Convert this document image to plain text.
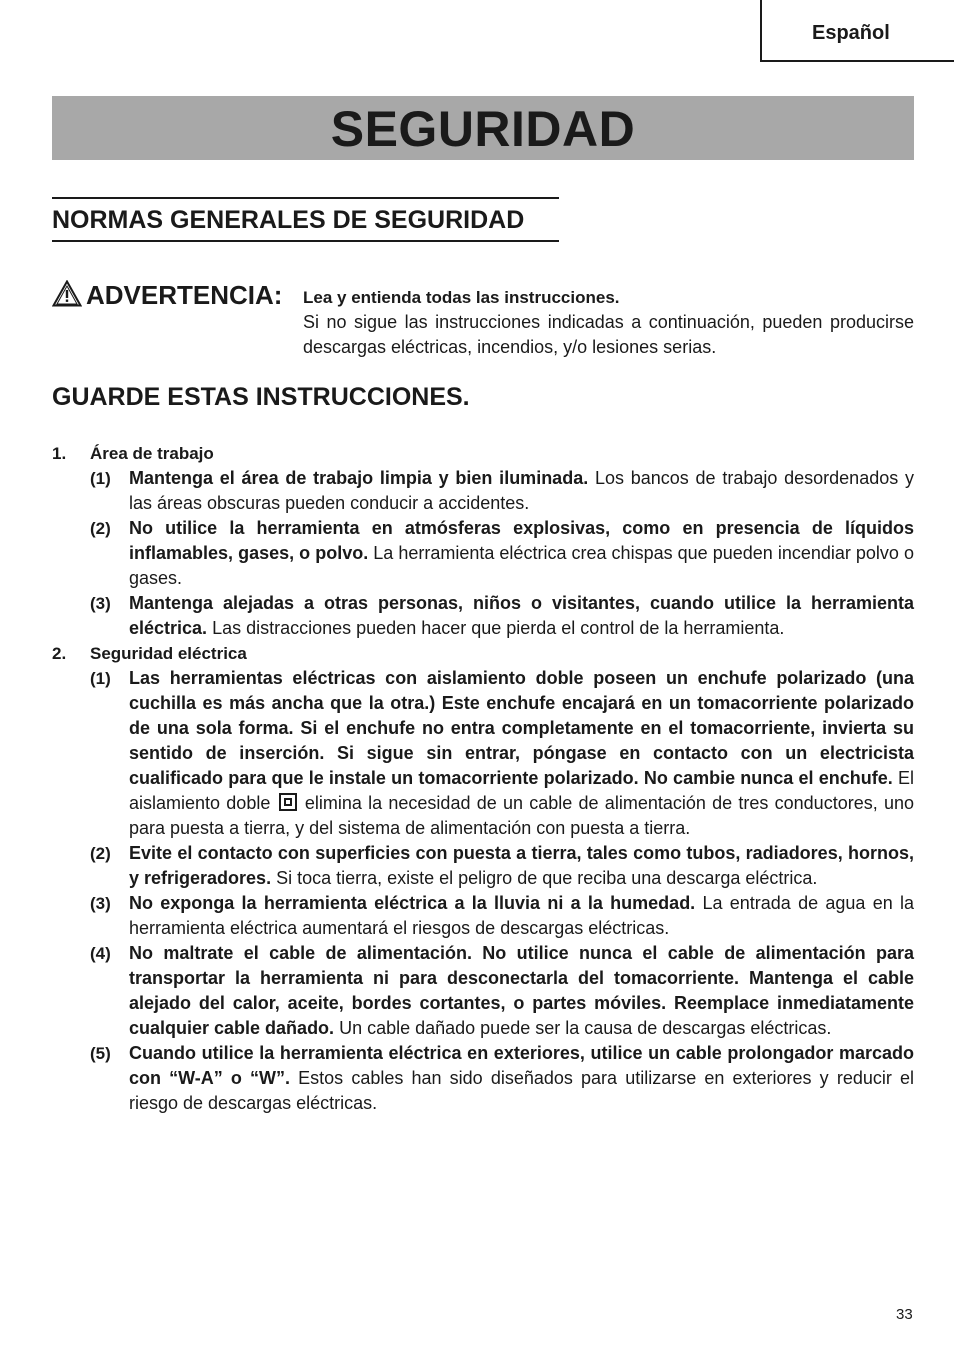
Español
SEGURIDAD
NORMAS GENERALES DE SEGURIDAD
ADVERTENCIA: Lea y entienda todas las instrucciones.
Si no sigue las instrucciones indicadas a continuación, pueden producirse descargas eléctricas, incendios, y/o lesiones serias.
GUARDE ESTAS INSTRUCCIONES.
1. Área de trabajo
(1) Mantenga el área de trabajo limpia y bien iluminada. Los bancos de trabajo desordenados y las áreas obscuras pueden conducir a accidentes.
(2) No utilice la herramienta en atmósferas explosivas, como en presencia de líquidos inflamables, gases, o polvo. La herramienta eléctrica crea chispas que pueden incendiar polvo o gases.
(3) Mantenga alejadas a otras personas, niños o visitantes, cuando utilice la herramienta eléctrica. Las distracciones pueden hacer que pierda el control de la herramienta.
2. Seguridad eléctrica
(1) Las herramientas eléctricas con aislamiento doble poseen un enchufe polarizado (una cuchilla es más ancha que la otra.) Este enchufe encajará en un tomacorriente polarizado de una sola forma. Si el enchufe no entra completamente en el tomacorriente, invierta su sentido de inserción. Si sigue sin entrar, póngase en contacto con un electricista cualificado para que le instale un tomacorriente polarizado. No cambie nunca el enchufe. El aislamiento doble  elimina la necesidad de un cable de alimentación de tres conductores, uno para puesta a tierra, y del sistema de alimentación con puesta a tierra.
(2) Evite el contacto con superficies con puesta a tierra, tales como tubos, radiadores, hornos, y refrigeradores. Si toca tierra, existe el peligro de que reciba una descarga eléctrica.
(3) No exponga la herramienta eléctrica a la lluvia ni a la humedad. La entrada de agua en la herramienta eléctrica aumentará el riesgos de descargas eléctricas.
(4) No maltrate el cable de alimentación. No utilice nunca el cable de alimentación para transportar la herramienta ni para desconectarla del tomacorriente. Mantenga el cable alejado del calor, aceite, bordes cortantes, o partes móviles. Reemplace inmediatamente cualquier cable dañado. Un cable dañado puede ser la causa de descargas eléctricas.
(5) Cuando utilice la herramienta eléctrica en exteriores, utilice un cable prolongador marcado con “W-A” o “W”. Estos cables han sido diseñados para utilizarse en exteriores y reducir el riesgo de descargas eléctricas.
33
